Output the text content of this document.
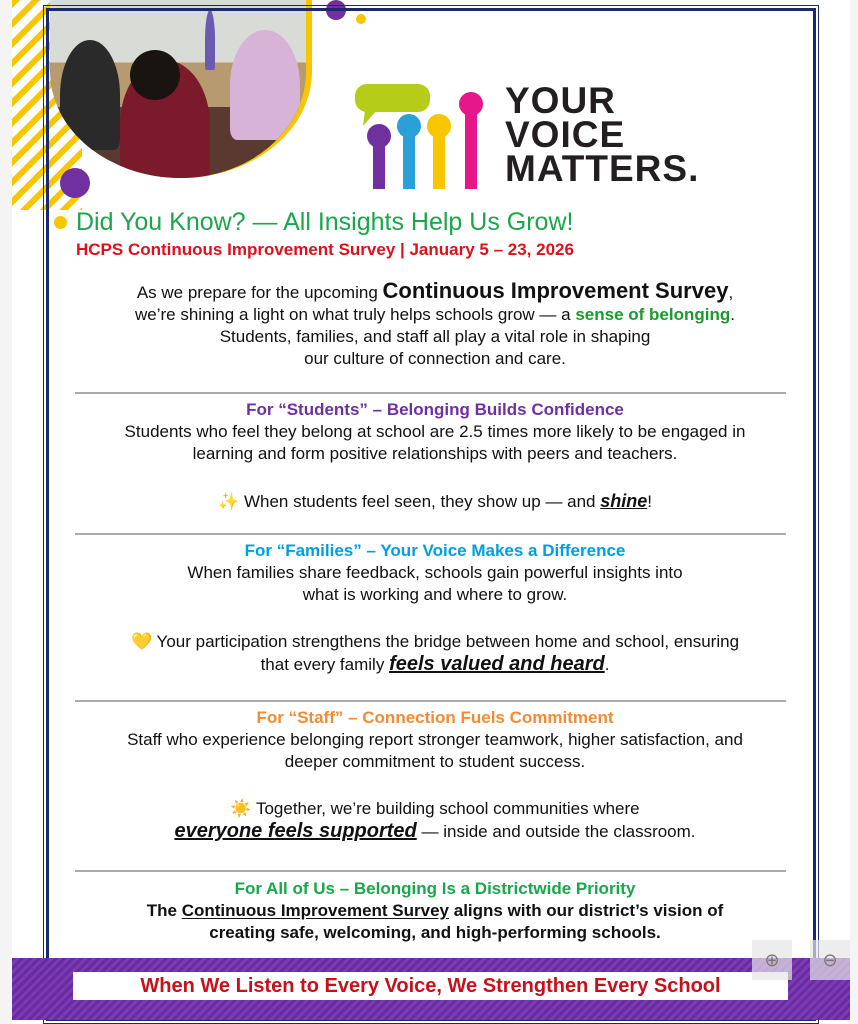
YOUR VOICE MATTERS.
Did You Know? — All Insights Help Us Grow!
HCPS Continuous Improvement Survey | January 5 – 23, 2026
As we prepare for the upcoming Continuous Improvement Survey,
we’re shining a light on what truly helps schools grow — a sense of belonging.
Students, families, and staff all play a vital role in shaping
our culture of connection and care.
For “Students” – Belonging Builds Confidence
Students who feel they belong at school are 2.5 times more likely to be engaged in
learning and form positive relationships with peers and teachers.
✨ When students feel seen, they show up — and shine!
For “Families” – Your Voice Makes a Difference
When families share feedback, schools gain powerful insights into
what is working and where to grow.
💛 Your participation strengthens the bridge between home and school, ensuring
that every family feels valued and heard.
For “Staff” – Connection Fuels Commitment
Staff who experience belonging report stronger teamwork, higher satisfaction, and
deeper commitment to student success.
☀️ Together, we’re building school communities where
everyone feels supported — inside and outside the classroom.
For All of Us – Belonging Is a Districtwide Priority
The Continuous Improvement Survey aligns with our district’s vision of
creating safe, welcoming, and high-performing schools.
When We Listen to Every Voice, We Strengthen Every School
⊕	⊖
